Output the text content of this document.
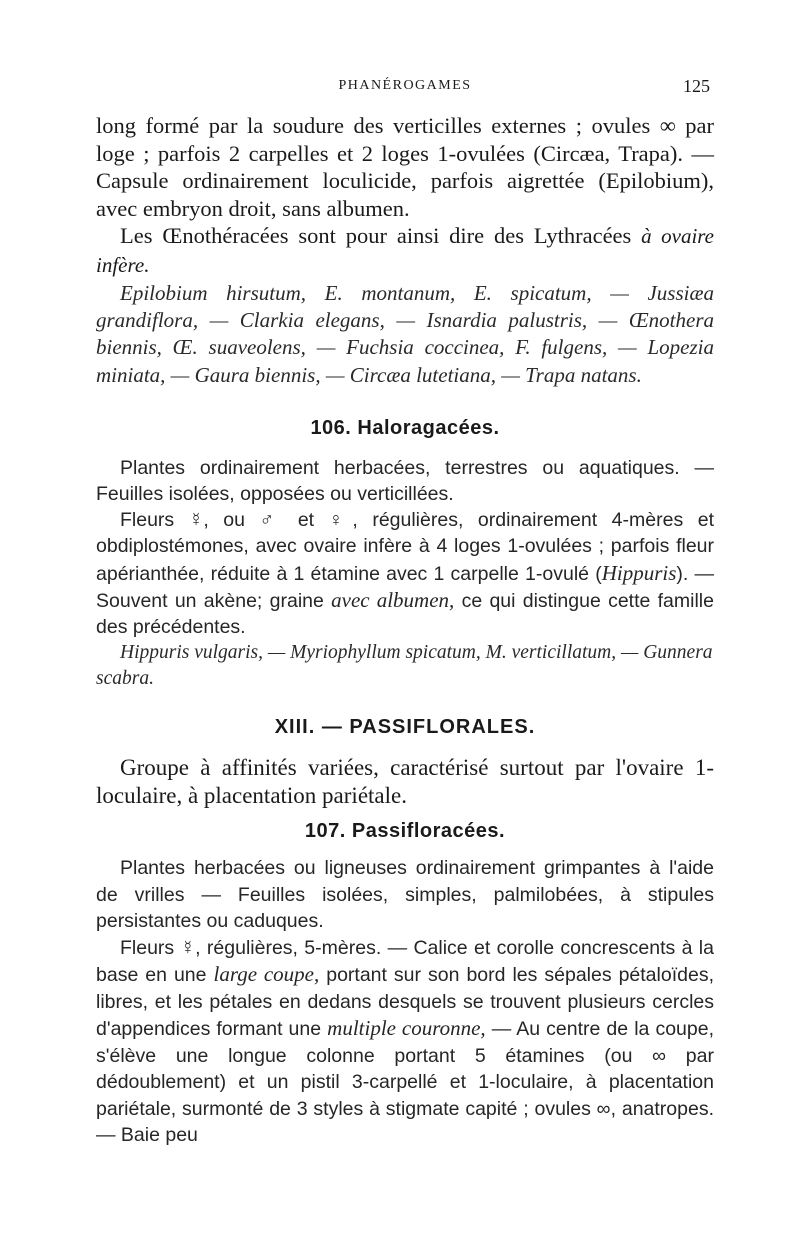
PHANÉROGAMES	125

long formé par la soudure des verticilles externes ; ovules ∞ par loge ; parfois 2 carpelles et 2 loges 1-ovulées (Circæa, Trapa). — Capsule ordinairement loculicide, parfois aigrettée (Epilobium), avec embryon droit, sans albumen.

Les Œnothéracées sont pour ainsi dire des Lythracées à ovaire infère.

Epilobium hirsutum, E. montanum, E. spicatum, — Jussiæa grandiflora, — Clarkia elegans, — Isnardia palustris, — Œnothera biennis, Œ. suaveolens, — Fuchsia coccinea, F. fulgens, — Lopezia miniata, — Gaura biennis, — Circæa lutetiana, — Trapa natans.

106. Haloragacées.

Plantes ordinairement herbacées, terrestres ou aquatiques. — Feuilles isolées, opposées ou verticillées.

Fleurs ☿, ou ♂ et ♀, régulières, ordinairement 4-mères et obdiplostémones, avec ovaire infère à 4 loges 1-ovulées ; parfois fleur apérianthée, réduite à 1 étamine avec 1 carpelle 1-ovulé (Hippuris). — Souvent un akène; graine avec albumen, ce qui distingue cette famille des précédentes.

Hippuris vulgaris, — Myriophyllum spicatum, M. verticillatum, — Gunnera scabra.

XIII. — PASSIFLORALES.

Groupe à affinités variées, caractérisé surtout par l'ovaire 1-loculaire, à placentation pariétale.

107. Passifloracées.

Plantes herbacées ou ligneuses ordinairement grimpantes à l'aide de vrilles — Feuilles isolées, simples, palmilobées, à stipules persistantes ou caduques.

Fleurs ☿, régulières, 5-mères. — Calice et corolle concrescents à la base en une large coupe, portant sur son bord les sépales pétaloïdes, libres, et les pétales en dedans desquels se trouvent plusieurs cercles d'appendices formant une multiple couronne, — Au centre de la coupe, s'élève une longue colonne portant 5 étamines (ou ∞ par dédoublement) et un pistil 3-carpellé et 1-loculaire, à placentation pariétale, surmonté de 3 styles à stigmate capité ; ovules ∞, anatropes. — Baie peu
